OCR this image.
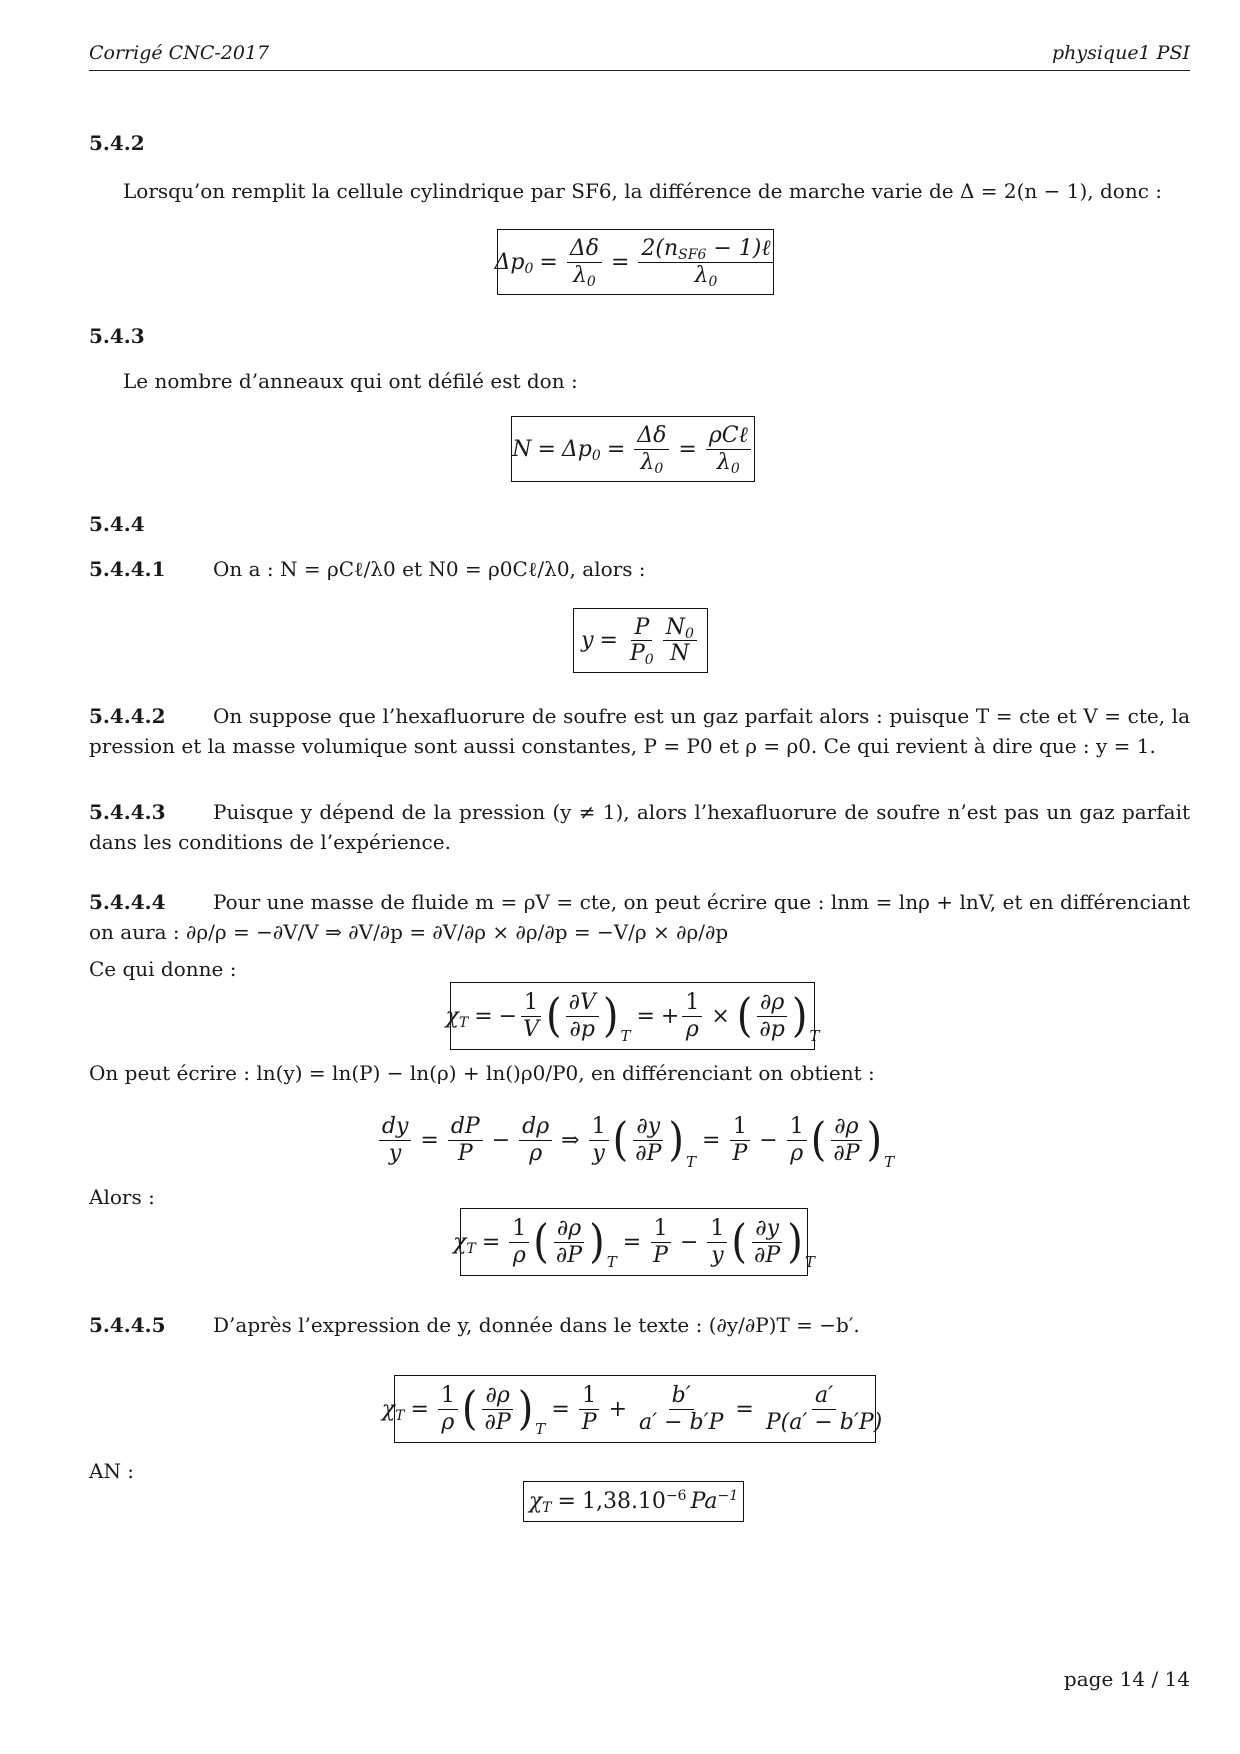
Corrigé CNC-2017	physique1 PSI
5.4.2
Lorsqu’on remplit la cellule cylindrique par SF6, la différence de marche varie de Δ = 2(n − 1), donc :
$\Delta p_0 = \frac{\Delta\delta}{\lambda_0} = \frac{2(n_{SF6} - 1)\ell}{\lambda_0}$
5.4.3
Le nombre d’anneaux qui ont défilé est don :
$N = \Delta p_0 = \frac{\Delta\delta}{\lambda_0} = \frac{\text{ρCℓ}}{\lambda_0}$
5.4.4
5.4.4.1 On a : N = ρCℓ/λ0 et N0 = ρ0Cℓ/λ0, alors :
$y = \frac{P}{P_0} \frac{N_0}{N}$
5.4.4.2 On suppose que l’hexafluorure de soufre est un gaz parfait alors : puisque T = cte et V = cte, la pression et la masse volumique sont aussi constantes, P = P0 et ρ = ρ0. Ce qui revient à dire que : y = 1.
5.4.4.3 Puisque y dépend de la pression (y ≠ 1), alors l’hexafluorure de soufre n’est pas un gaz parfait dans les conditions de l’expérience.
5.4.4.4 Pour une masse de fluide m = ρV = cte, on peut écrire que : lnm = lnρ + lnV, et en différenciant on aura : ∂ρ/ρ = −∂V/V ⇒ ∂V/∂p = ∂V/∂ρ × ∂ρ/∂p = −V/ρ × ∂ρ/∂p
Ce qui donne :
$\chi_T$ = − $\frac{1}{V}$ ( $\frac{\partial V}{\partial p}$ ) T
= + $\frac{1}{\rho}$ × ( $\frac{\partial\rho}{\partial p}$ ) T
On peut écrire : ln(y) = ln(P) − ln(ρ) + ln()ρ0/P0, en différenciant on obtient :
$\frac{dy}{y} = \frac{dP}{P} - \frac{d\rho}{\rho}$ ⇒ $\frac{1}{y}$ ( $\frac{\partial y}{\partial P}$ ) T
= $\frac{1}{P} - \frac{1}{\rho}$ ( $\frac{\partial\rho}{\partial P}$ ) T
Alors :
$\chi_T = \frac{1}{\rho}$ ( $\frac{\partial\rho}{\partial P}$ ) T
= $\frac{1}{P} - \frac{1}{y}$ ( $\frac{\partial y}{\partial P}$ ) T
5.4.4.5 D’après l’expression de y, donnée dans le texte : (∂y/∂P)T = −b′.
$\chi_T = \frac{1}{\rho}$ ( $\frac{\partial\rho}{\partial P}$ ) T
= $\frac{1}{P} + \frac{b'}{a' - b'P} = \frac{a'}{P(a' - b'P)}$
AN :
$\chi_T = 1,38.10^{-6}$ $Pa^{-1}$
page 14 / 14
